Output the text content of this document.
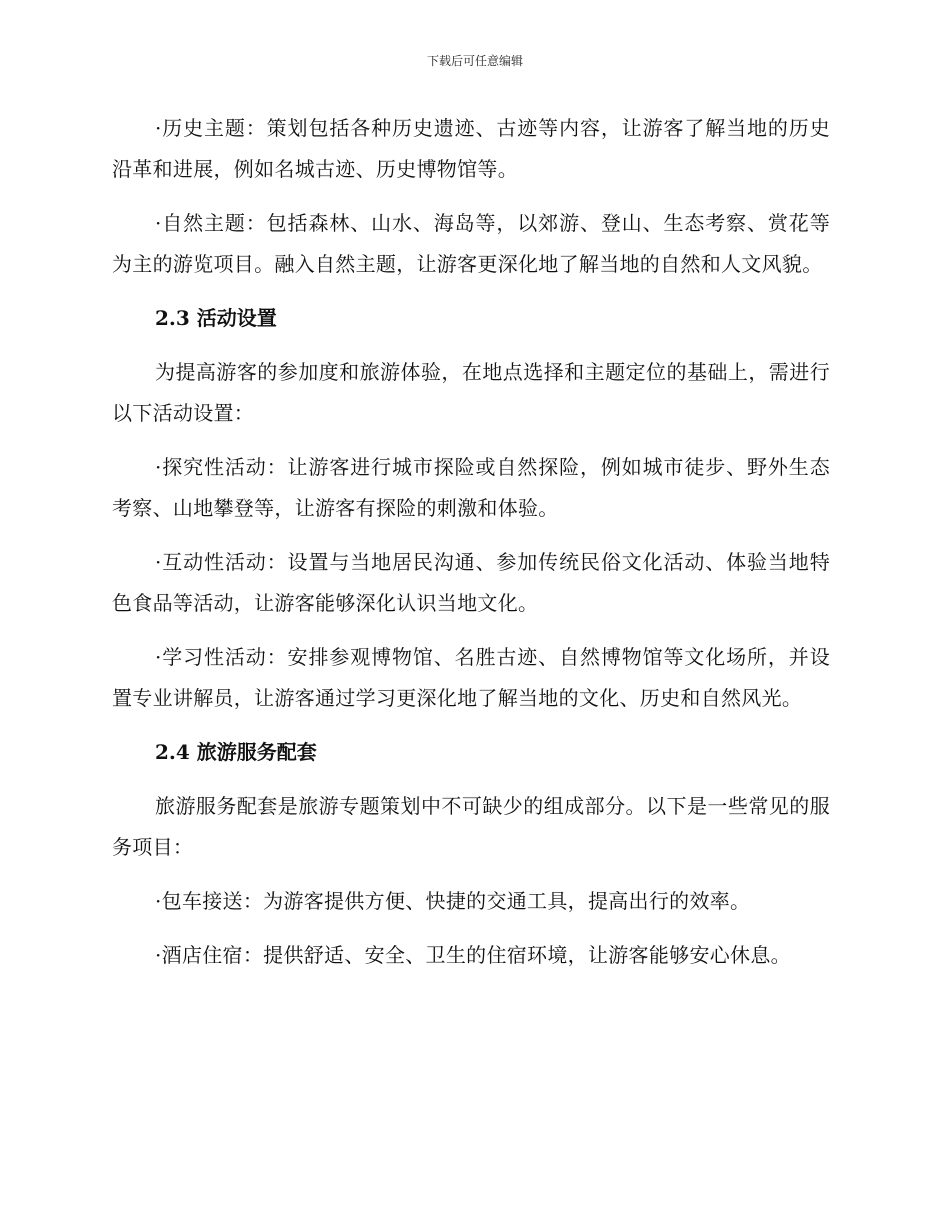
下载后可任意编辑

·历史主题：策划包括各种历史遗迹、古迹等内容，让游客了解当地的历史沿革和进展，例如名城古迹、历史博物馆等。

·自然主题：包括森林、山水、海岛等，以郊游、登山、生态考察、赏花等为主的游览项目。融入自然主题，让游客更深化地了解当地的自然和人文风貌。

2.3 活动设置

为提高游客的参加度和旅游体验，在地点选择和主题定位的基础上，需进行以下活动设置：

·探究性活动：让游客进行城市探险或自然探险，例如城市徒步、野外生态考察、山地攀登等，让游客有探险的刺激和体验。

·互动性活动：设置与当地居民沟通、参加传统民俗文化活动、体验当地特色食品等活动，让游客能够深化认识当地文化。

·学习性活动：安排参观博物馆、名胜古迹、自然博物馆等文化场所，并设置专业讲解员，让游客通过学习更深化地了解当地的文化、历史和自然风光。

2.4 旅游服务配套

旅游服务配套是旅游专题策划中不可缺少的组成部分。以下是一些常见的服务项目：

·包车接送：为游客提供方便、快捷的交通工具，提高出行的效率。

·酒店住宿：提供舒适、安全、卫生的住宿环境，让游客能够安心休息。
